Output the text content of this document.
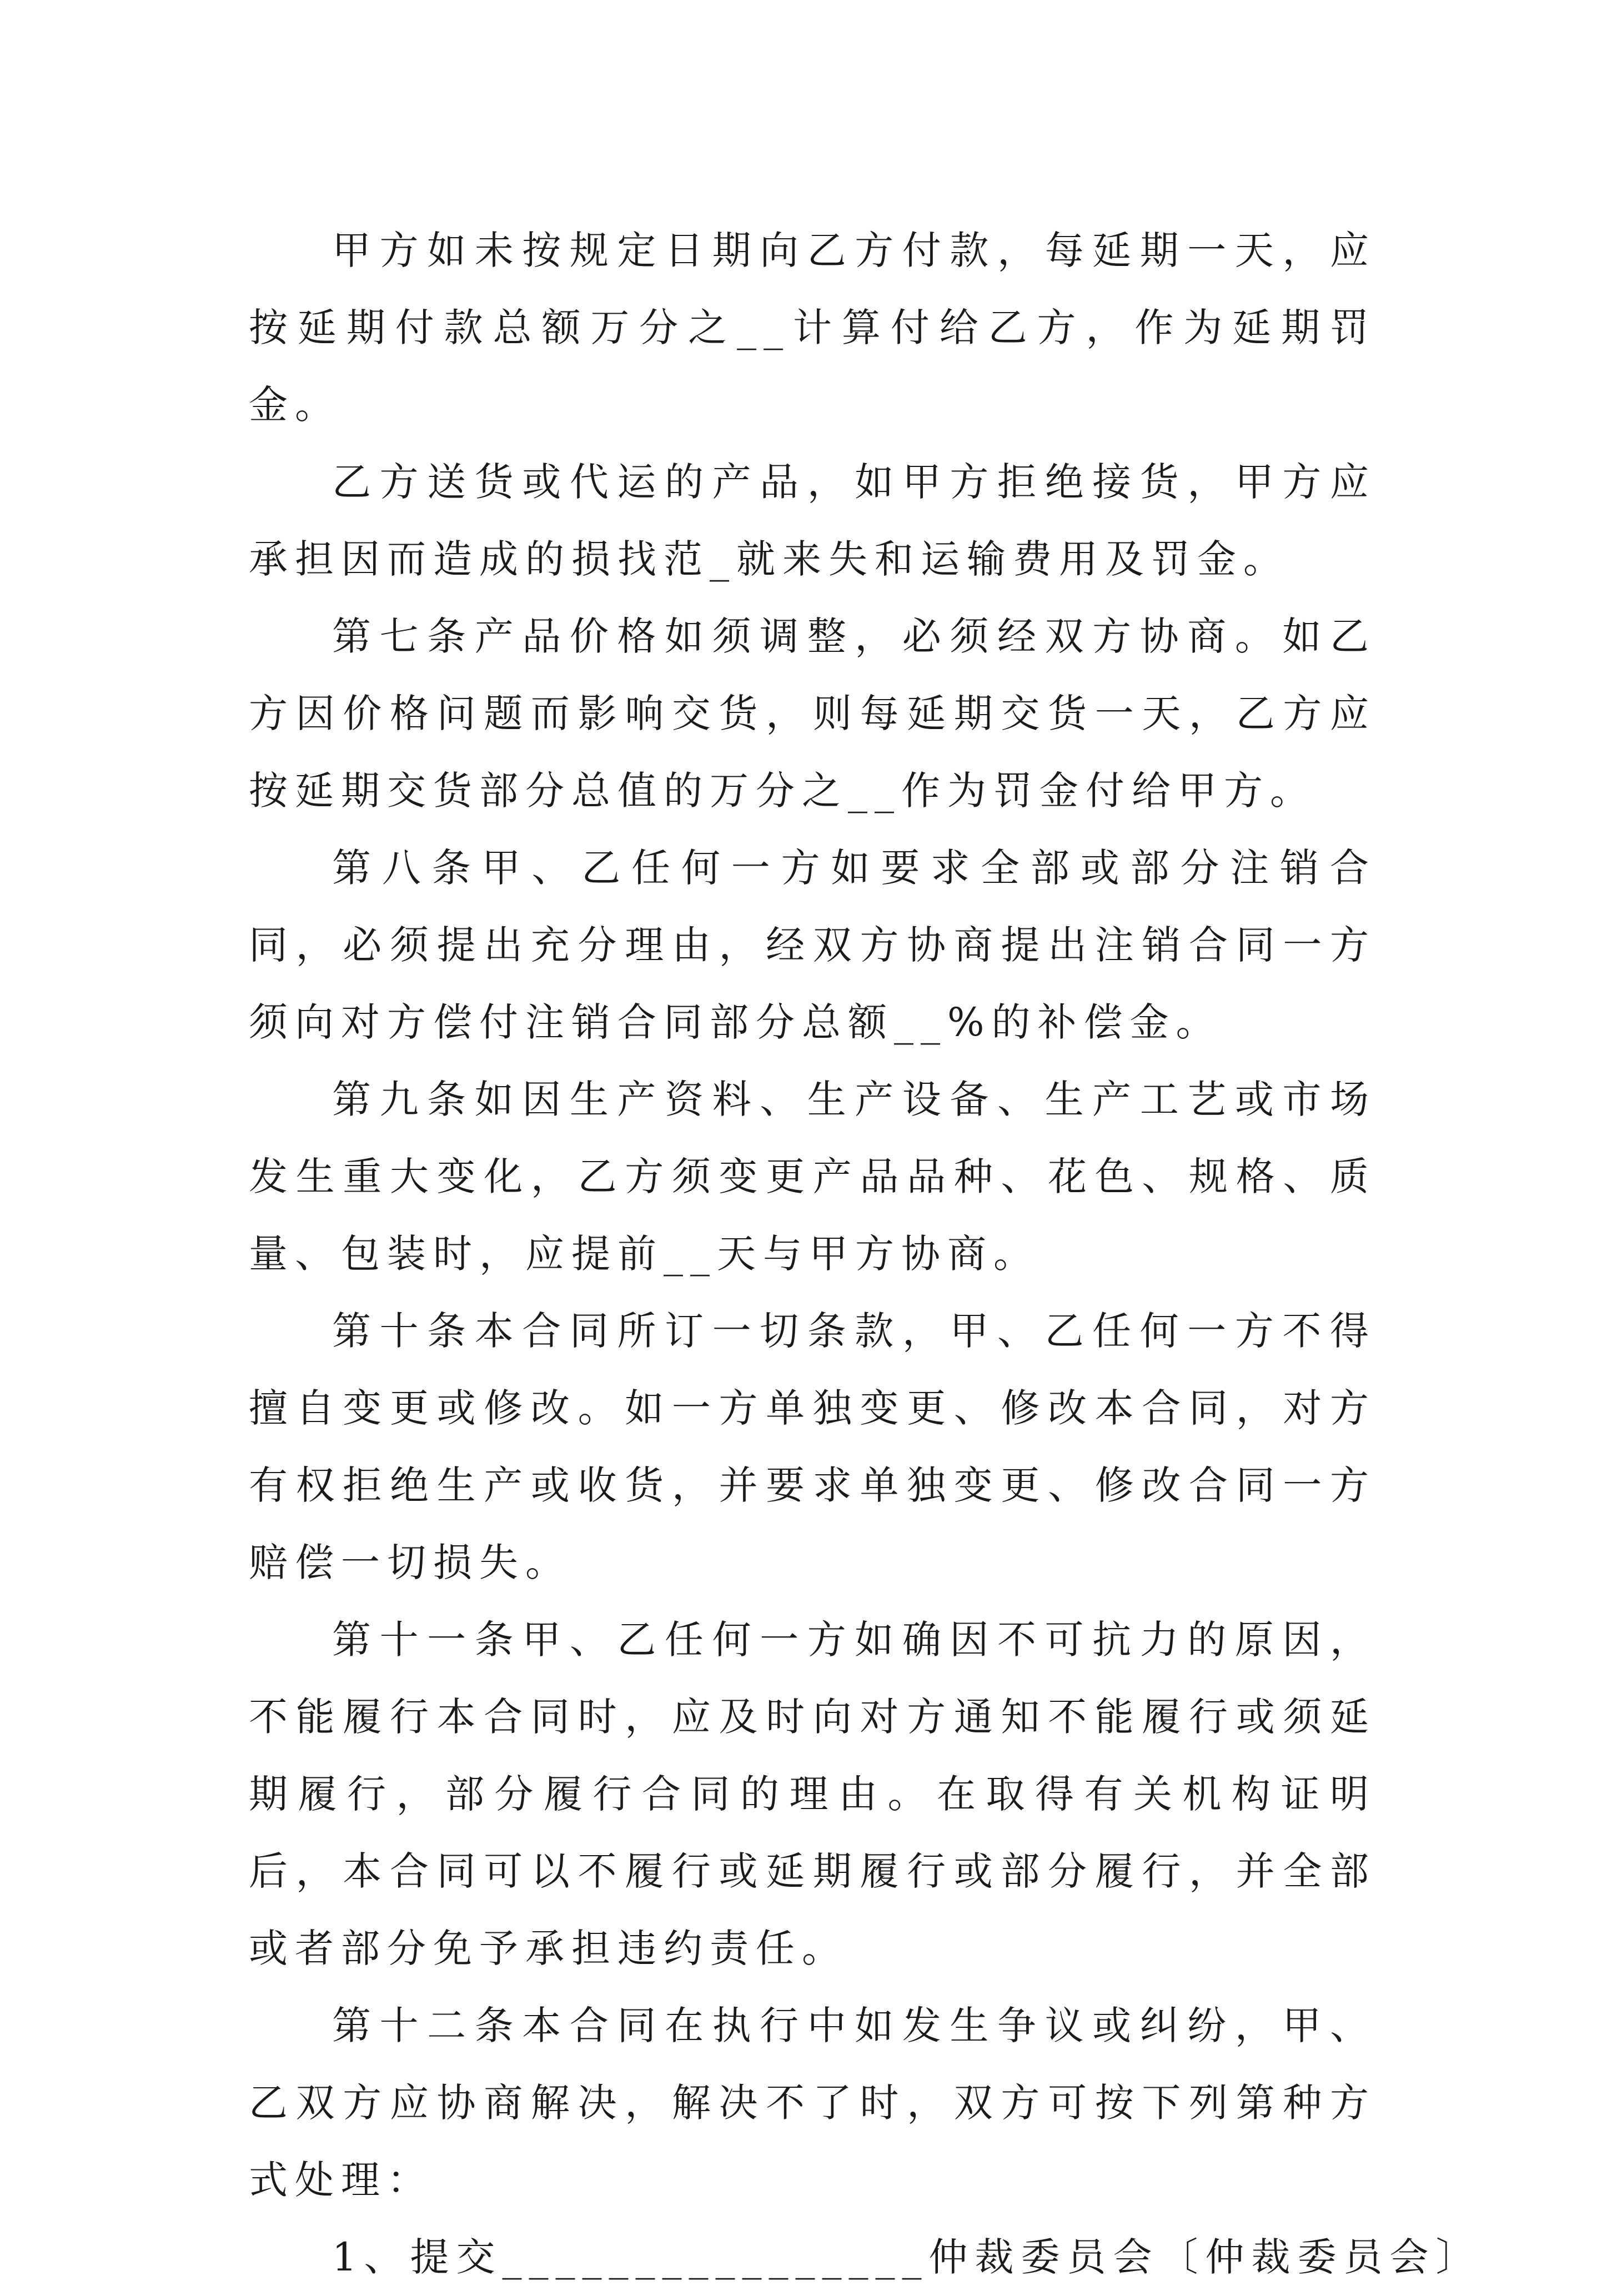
甲方如未按规定日期向乙方付款，每延期一天，应按延期付款总额万分之__计算付给乙方，作为延期罚金。

乙方送货或代运的产品，如甲方拒绝接货，甲方应承担因而造成的损找范_就来失和运输费用及罚金。

第七条产品价格如须调整，必须经双方协商。如乙方因价格问题而影响交货，则每延期交货一天，乙方应按延期交货部分总值的万分之__作为罚金付给甲方。

第八条甲、乙任何一方如要求全部或部分注销合同，必须提出充分理由，经双方协商提出注销合同一方须向对方偿付注销合同部分总额__%的补偿金。

第九条如因生产资料、生产设备、生产工艺或市场发生重大变化，乙方须变更产品品种、花色、规格、质量、包装时，应提前__天与甲方协商。

第十条本合同所订一切条款，甲、乙任何一方不得擅自变更或修改。如一方单独变更、修改本合同，对方有权拒绝生产或收货，并要求单独变更、修改合同一方赔偿一切损失。

第十一条甲、乙任何一方如确因不可抗力的原因，不能履行本合同时，应及时向对方通知不能履行或须延期履行，部分履行合同的理由。在取得有关机构证明后，本合同可以不履行或延期履行或部分履行，并全部或者部分免予承担违约责任。

第十二条本合同在执行中如发生争议或纠纷，甲、乙双方应协商解决，解决不了时，双方可按下列第种方式处理：

1、提交________________仲裁委员会〔仲裁委员会〕
